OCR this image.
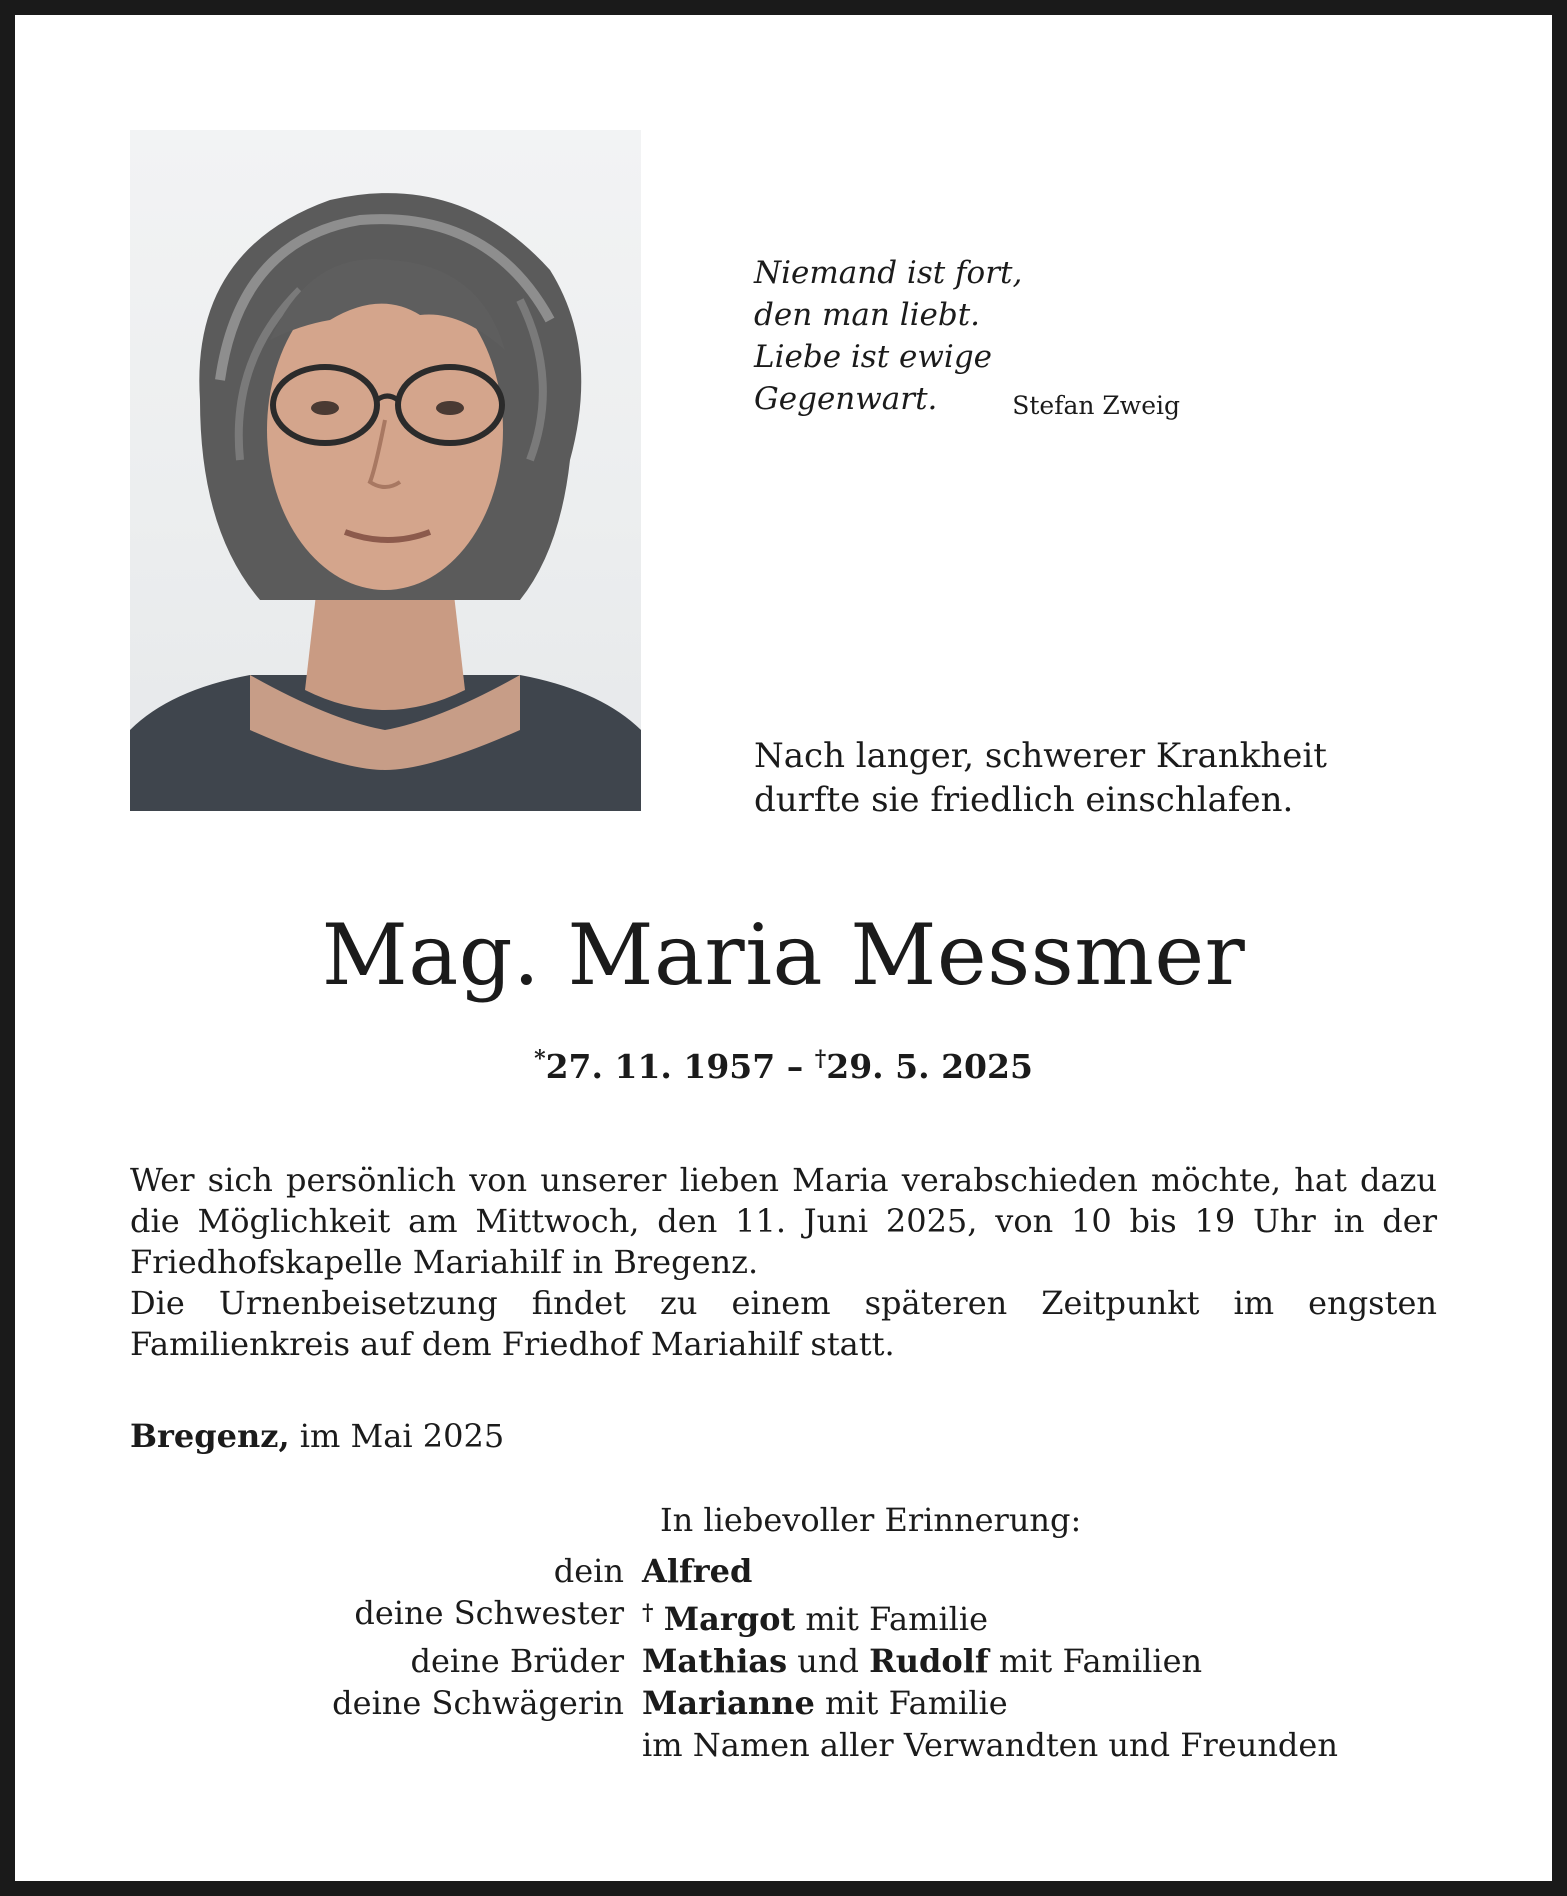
Niemand ist fort,
den man liebt.
Liebe ist ewige Gegenwart.	Stefan Zweig
Nach langer, schwerer Krankheit
durfte sie friedlich einschlafen.
Mag. Maria Messmer
*27. 11. 1957 – †29. 5. 2025

Wer sich persönlich von unserer lieben Maria verabschieden möchte, hat dazu die Möglichkeit am Mittwoch, den 11. Juni 2025, von 10 bis 19 Uhr in der Friedhofskapelle Mariahilf in Bregenz.

Die Urnenbeisetzung findet zu einem späteren Zeitpunkt im engsten Familienkreis auf dem Friedhof Mariahilf statt.

Bregenz, im Mai 2025
In liebevoller Erinnerung:
dein Alfred
deine Schwester † Margot mit Familie
deine Brüder Mathias und Rudolf mit Familien
deine Schwägerin Marianne mit Familie
im Namen aller Verwandten und Freunden
